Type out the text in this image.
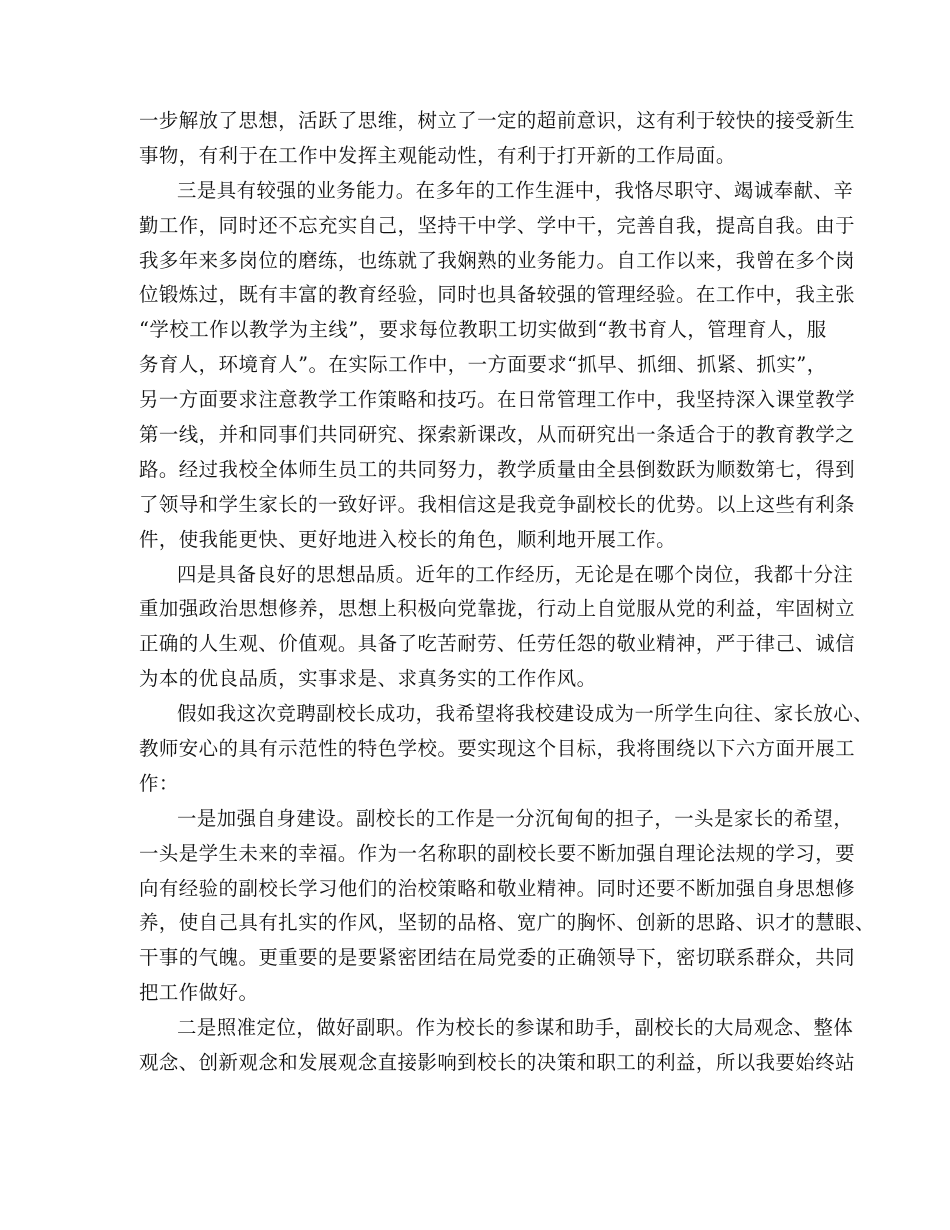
一步解放了思想，活跃了思维，树立了一定的超前意识，这有利于较快的接受新生
事物，有利于在工作中发挥主观能动性，有利于打开新的工作局面。
三是具有较强的业务能力。在多年的工作生涯中，我恪尽职守、竭诚奉献、辛
勤工作，同时还不忘充实自己，坚持干中学、学中干，完善自我，提高自我。由于
我多年来多岗位的磨练，也练就了我娴熟的业务能力。自工作以来，我曾在多个岗
位锻炼过，既有丰富的教育经验，同时也具备较强的管理经验。在工作中，我主张
“学校工作以教学为主线”，要求每位教职工切实做到“教书育人，管理育人，服
务育人，环境育人”。在实际工作中，一方面要求“抓早、抓细、抓紧、抓实”，
另一方面要求注意教学工作策略和技巧。在日常管理工作中，我坚持深入课堂教学
第一线，并和同事们共同研究、探索新课改，从而研究出一条适合于的教育教学之
路。经过我校全体师生员工的共同努力，教学质量由全县倒数跃为顺数第七，得到
了领导和学生家长的一致好评。我相信这是我竞争副校长的优势。以上这些有利条
件，使我能更快、更好地进入校长的角色，顺利地开展工作。
四是具备良好的思想品质。近年的工作经历，无论是在哪个岗位，我都十分注
重加强政治思想修养，思想上积极向党靠拢，行动上自觉服从党的利益，牢固树立
正确的人生观、价值观。具备了吃苦耐劳、任劳任怨的敬业精神，严于律己、诚信
为本的优良品质，实事求是、求真务实的工作作风。
假如我这次竞聘副校长成功，我希望将我校建设成为一所学生向往、家长放心、
教师安心的具有示范性的特色学校。要实现这个目标，我将围绕以下六方面开展工
作：
一是加强自身建设。副校长的工作是一分沉甸甸的担子，一头是家长的希望，
一头是学生未来的幸福。作为一名称职的副校长要不断加强自理论法规的学习，要
向有经验的副校长学习他们的治校策略和敬业精神。同时还要不断加强自身思想修
养，使自己具有扎实的作风，坚韧的品格、宽广的胸怀、创新的思路、识才的慧眼、
干事的气魄。更重要的是要紧密团结在局党委的正确领导下，密切联系群众，共同
把工作做好。
二是照准定位，做好副职。作为校长的参谋和助手，副校长的大局观念、整体
观念、创新观念和发展观念直接影响到校长的决策和职工的利益，所以我要始终站
